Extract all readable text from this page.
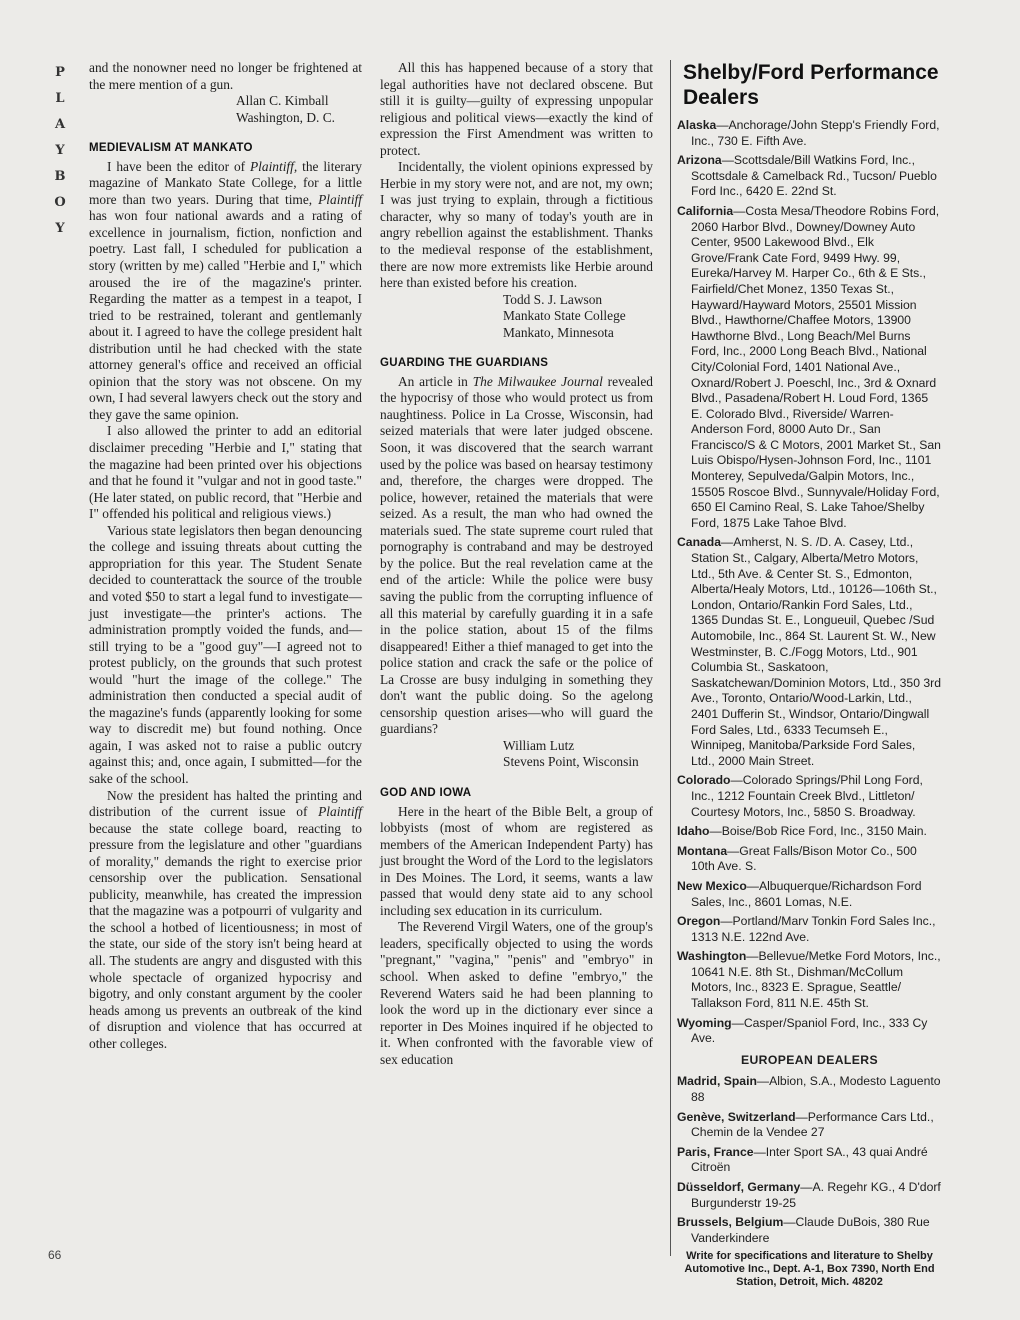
P
L
A
Y
B
O
Y
66

and the nonowner need no longer be frightened at the mere mention of a gun.

Allan C. Kimball
Washington, D. C.
MEDIEVALISM AT MANKATO

I have been the editor of Plaintiff, the literary magazine of Mankato State College, for a little more than two years. During that time, Plaintiff has won four national awards and a rating of excellence in journalism, fiction, nonfiction and poetry. Last fall, I scheduled for publication a story (written by me) called "Herbie and I," which aroused the ire of the magazine's printer. Regarding the matter as a tempest in a teapot, I tried to be restrained, tolerant and gentlemanly about it. I agreed to have the college president halt distribution until he had checked with the state attorney general's office and received an official opinion that the story was not obscene. On my own, I had several lawyers check out the story and they gave the same opinion.

I also allowed the printer to add an editorial disclaimer preceding "Herbie and I," stating that the magazine had been printed over his objections and that he found it "vulgar and not in good taste." (He later stated, on public record, that "Herbie and I" offended his political and religious views.)

Various state legislators then began denouncing the college and issuing threats about cutting the appropriation for this year. The Student Senate decided to counterattack the source of the trouble and voted $50 to start a legal fund to investigate—just investigate—the printer's actions. The administration promptly voided the funds, and—still trying to be a "good guy"—I agreed not to protest publicly, on the grounds that such protest would "hurt the image of the college." The administration then conducted a special audit of the magazine's funds (apparently looking for some way to discredit me) but found nothing. Once again, I was asked not to raise a public outcry against this; and, once again, I submitted—for the sake of the school.

Now the president has halted the printing and distribution of the current issue of Plaintiff because the state college board, reacting to pressure from the legislature and other "guardians of morality," demands the right to exercise prior censorship over the publication. Sensational publicity, meanwhile, has created the impression that the magazine was a potpourri of vulgarity and the school a hotbed of licentiousness; in most of the state, our side of the story isn't being heard at all. The students are angry and disgusted with this whole spectacle of organized hypocrisy and bigotry, and only constant argument by the cooler heads among us prevents an outbreak of the kind of disruption and violence that has occurred at other colleges.

All this has happened because of a story that legal authorities have not declared obscene. But still it is guilty—guilty of expressing unpopular religious and political views—exactly the kind of expression the First Amendment was written to protect.

Incidentally, the violent opinions expressed by Herbie in my story were not, and are not, my own; I was just trying to explain, through a fictitious character, why so many of today's youth are in angry rebellion against the establishment. Thanks to the medieval response of the establishment, there are now more extremists like Herbie around here than existed before his creation.

Todd S. J. Lawson
Mankato State College
Mankato, Minnesota
GUARDING THE GUARDIANS

An article in The Milwaukee Journal revealed the hypocrisy of those who would protect us from naughtiness. Police in La Crosse, Wisconsin, had seized materials that were later judged obscene. Soon, it was discovered that the search warrant used by the police was based on hearsay testimony and, therefore, the charges were dropped. The police, however, retained the materials that were seized. As a result, the man who had owned the materials sued. The state supreme court ruled that pornography is contraband and may be destroyed by the police. But the real revelation came at the end of the article: While the police were busy saving the public from the corrupting influence of all this material by carefully guarding it in a safe in the police station, about 15 of the films disappeared! Either a thief managed to get into the police station and crack the safe or the police of La Crosse are busy indulging in something they don't want the public doing. So the agelong censorship question arises—who will guard the guardians?

William Lutz
Stevens Point, Wisconsin
GOD AND IOWA

Here in the heart of the Bible Belt, a group of lobbyists (most of whom are registered as members of the American Independent Party) has just brought the Word of the Lord to the legislators in Des Moines. The Lord, it seems, wants a law passed that would deny state aid to any school including sex education in its curriculum.

The Reverend Virgil Waters, one of the group's leaders, specifically objected to using the words "pregnant," "vagina," "penis" and "embryo" in school. When asked to define "embryo," the Reverend Waters said he had been planning to look the word up in the dictionary ever since a reporter in Des Moines inquired if he objected to it. When confronted with the favorable view of sex education

Shelby/Ford Performance Dealers
Alaska—Anchorage/John Stepp's Friendly Ford, Inc., 730 E. Fifth Ave.
Arizona—Scottsdale/Bill Watkins Ford, Inc., Scottsdale & Camelback Rd., Tucson/ Pueblo Ford Inc., 6420 E. 22nd St.
California—Costa Mesa/Theodore Robins Ford, 2060 Harbor Blvd., Downey/Downey Auto Center, 9500 Lakewood Blvd., Elk Grove/Frank Cate Ford, 9499 Hwy. 99, Eureka/Harvey M. Harper Co., 6th & E Sts., Fairfield/Chet Monez, 1350 Texas St., Hayward/Hayward Motors, 25501 Mission Blvd., Hawthorne/Chaffee Motors, 13900 Hawthorne Blvd., Long Beach/Mel Burns Ford, Inc., 2000 Long Beach Blvd., National City/Colonial Ford, 1401 National Ave., Oxnard/Robert J. Poeschl, Inc., 3rd & Oxnard Blvd., Pasadena/Robert H. Loud Ford, 1365 E. Colorado Blvd., Riverside/ Warren-Anderson Ford, 8000 Auto Dr., San Francisco/S & C Motors, 2001 Market St., San Luis Obispo/Hysen-Johnson Ford, Inc., 1101 Monterey, Sepulveda/Galpin Motors, Inc., 15505 Roscoe Blvd., Sunnyvale/Holiday Ford, 650 El Camino Real, S. Lake Tahoe/Shelby Ford, 1875 Lake Tahoe Blvd.
Canada—Amherst, N. S. /D. A. Casey, Ltd., Station St., Calgary, Alberta/Metro Motors, Ltd., 5th Ave. & Center St. S., Edmonton, Alberta/Healy Motors, Ltd., 10126—106th St., London, Ontario/Rankin Ford Sales, Ltd., 1365 Dundas St. E., Longueuil, Quebec /Sud Automobile, Inc., 864 St. Laurent St. W., New Westminster, B. C./Fogg Motors, Ltd., 901 Columbia St., Saskatoon, Saskatchewan/Dominion Motors, Ltd., 350 3rd Ave., Toronto, Ontario/Wood-Larkin, Ltd., 2401 Dufferin St., Windsor, Ontario/Dingwall Ford Sales, Ltd., 6333 Tecumseh E., Winnipeg, Manitoba/Parkside Ford Sales, Ltd., 2000 Main Street.
Colorado—Colorado Springs/Phil Long Ford, Inc., 1212 Fountain Creek Blvd., Littleton/ Courtesy Motors, Inc., 5850 S. Broadway.
Idaho—Boise/Bob Rice Ford, Inc., 3150 Main.
Montana—Great Falls/Bison Motor Co., 500 10th Ave. S.
New Mexico—Albuquerque/Richardson Ford Sales, Inc., 8601 Lomas, N.E.
Oregon—Portland/Marv Tonkin Ford Sales Inc., 1313 N.E. 122nd Ave.
Washington—Bellevue/Metke Ford Motors, Inc., 10641 N.E. 8th St., Dishman/McCollum Motors, Inc., 8323 E. Sprague, Seattle/ Tallakson Ford, 811 N.E. 45th St.
Wyoming—Casper/Spaniol Ford, Inc., 333 Cy Ave.
EUROPEAN DEALERS
Madrid, Spain—Albion, S.A., Modesto Laguento 88
Genève, Switzerland—Performance Cars Ltd., Chemin de la Vendee 27
Paris, France—Inter Sport SA., 43 quai André Citroën
Düsseldorf, Germany—A. Regehr KG., 4 D'dorf Burgunderstr 19-25
Brussels, Belgium—Claude DuBois, 380 Rue Vanderkindere
Write for specifications and literature to Shelby Automotive Inc., Dept. A-1, Box 7390, North End Station, Detroit, Mich. 48202
